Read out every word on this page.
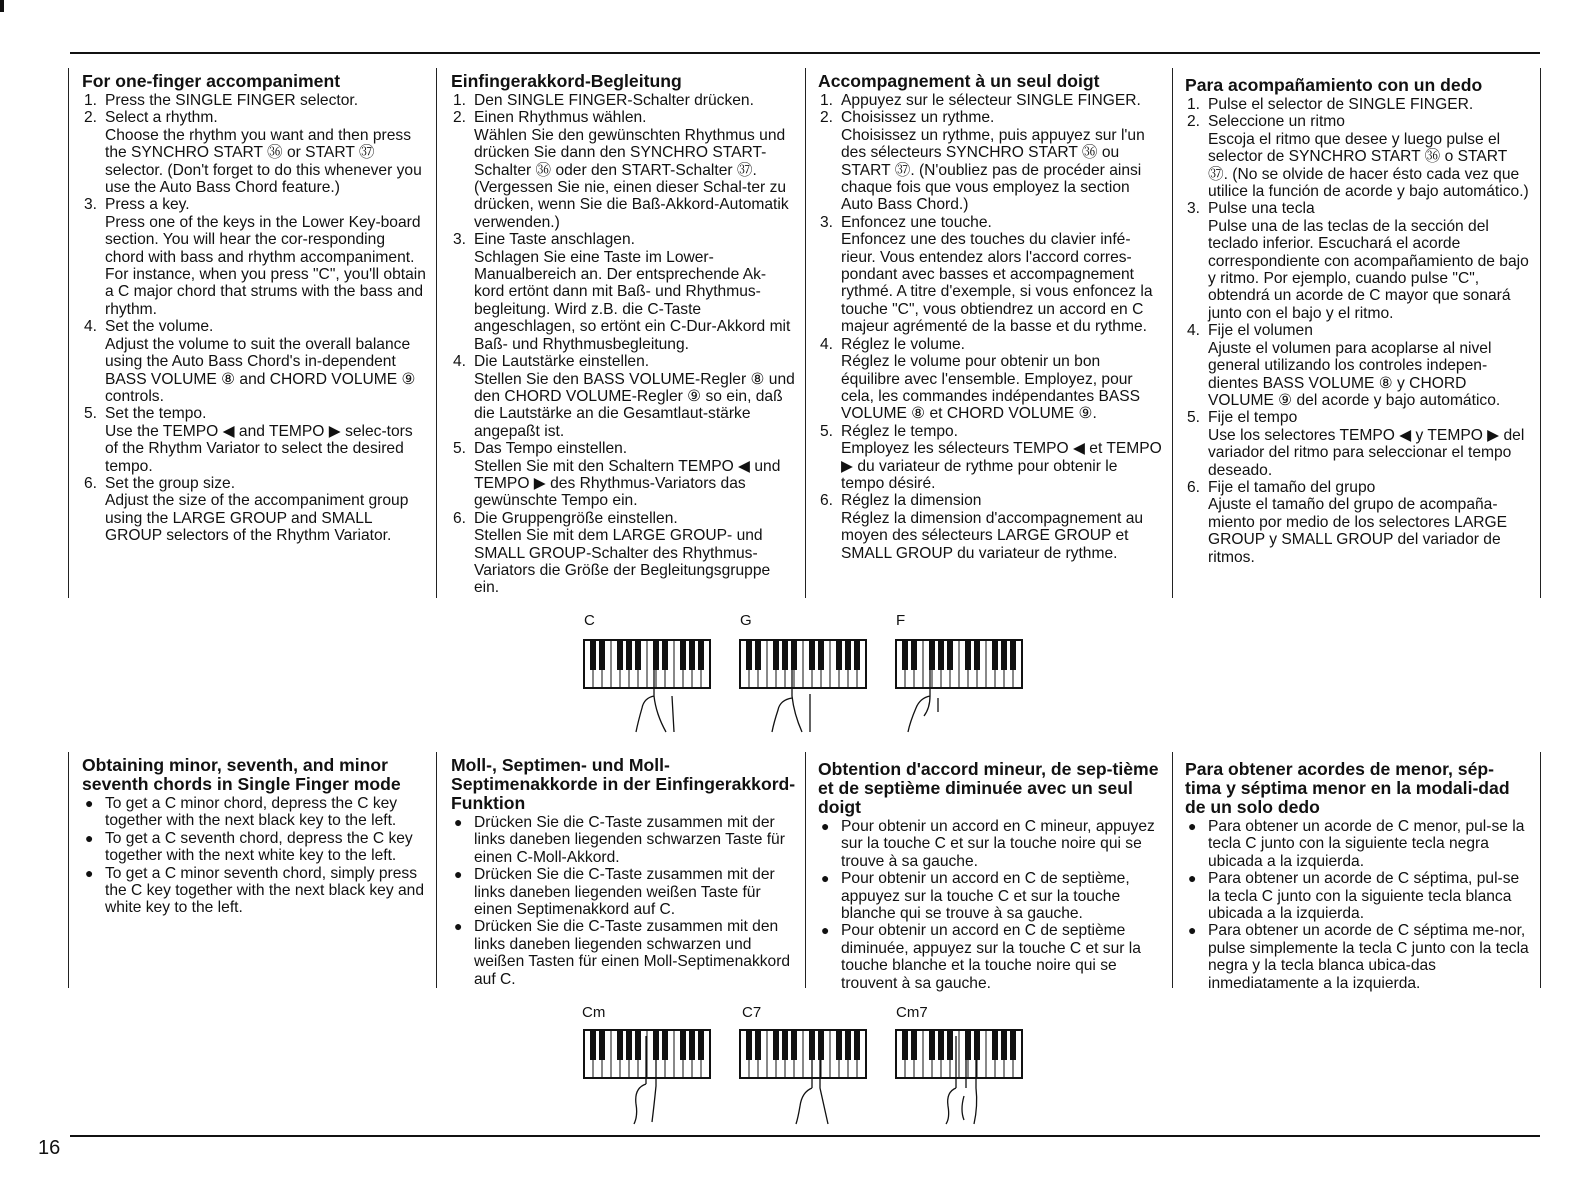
For one-finger accompaniment
1. Press the SINGLE FINGER selector.
2. Select a rhythm.
Choose the rhythm you want and then press the SYNCHRO START ㊱ or START ㊲ selector. (Don't forget to do this whenever you use the Auto Bass Chord feature.)
3. Press a key.
Press one of the keys in the Lower Key-board section. You will hear the cor-responding chord with bass and rhythm accompaniment. For instance, when you press "C", you'll obtain a C major chord that strums with the bass and rhythm.
4. Set the volume.
Adjust the volume to suit the overall balance using the Auto Bass Chord's in-dependent BASS VOLUME ⑧ and CHORD VOLUME ⑨ controls.
5. Set the tempo.
Use the TEMPO ◀ and TEMPO ▶ selec-tors of the Rhythm Variator to select the desired tempo.
6. Set the group size.
Adjust the size of the accompaniment group using the LARGE GROUP and SMALL GROUP selectors of the Rhythm Variator.
Einfingerakkord-Begleitung
1. Den SINGLE FINGER-Schalter drücken.
2. Einen Rhythmus wählen.
Wählen Sie den gewünschten Rhythmus und drücken Sie dann den SYNCHRO START-Schalter ㊱ oder den START-Schalter ㊲. (Vergessen Sie nie, einen dieser Schal-ter zu drücken, wenn Sie die Baß-Akkord-Automatik verwenden.)
3. Eine Taste anschlagen.
Schlagen Sie eine Taste im Lower-Manualbereich an. Der entsprechende Ak-kord ertönt dann mit Baß- und Rhythmus-begleitung. Wird z.B. die C-Taste angeschlagen, so ertönt ein C-Dur-Akkord mit Baß- und Rhythmusbegleitung.
4. Die Lautstärke einstellen.
Stellen Sie den BASS VOLUME-Regler ⑧ und den CHORD VOLUME-Regler ⑨ so ein, daß die Lautstärke an die Gesamtlaut-stärke angepaßt ist.
5. Das Tempo einstellen.
Stellen Sie mit den Schaltern TEMPO ◀ und TEMPO ▶ des Rhythmus-Variators das gewünschte Tempo ein.
6. Die Gruppengröße einstellen.
Stellen Sie mit dem LARGE GROUP- und SMALL GROUP-Schalter des Rhythmus-Variators die Größe der Begleitungsgruppe ein.
Accompagnement à un seul doigt
1. Appuyez sur le sélecteur SINGLE FINGER.
2. Choisissez un rythme.
Choisissez un rythme, puis appuyez sur l'un des sélecteurs SYNCHRO START ㊱ ou START ㊲. (N'oubliez pas de procéder ainsi chaque fois que vous employez la section Auto Bass Chord.)
3. Enfoncez une touche.
Enfoncez une des touches du clavier infé-rieur. Vous entendez alors l'accord corres-pondant avec basses et accompagnement rythmé. A titre d'exemple, si vous enfoncez la touche "C", vous obtiendrez un accord en C majeur agrémenté de la basse et du rythme.
4. Réglez le volume.
Réglez le volume pour obtenir un bon équilibre avec l'ensemble. Employez, pour cela, les commandes indépendantes BASS VOLUME ⑧ et CHORD VOLUME ⑨.
5. Réglez le tempo.
Employez les sélecteurs TEMPO ◀ et TEMPO ▶ du variateur de rythme pour obtenir le tempo désiré.
6. Réglez la dimension
Réglez la dimension d'accompagnement au moyen des sélecteurs LARGE GROUP et SMALL GROUP du variateur de rythme.
Para acompañamiento con un dedo
1. Pulse el selector de SINGLE FINGER.
2. Seleccione un ritmo
Escoja el ritmo que desee y luego pulse el selector de SYNCHRO START ㊱ o START ㊲. (No se olvide de hacer ésto cada vez que utilice la función de acorde y bajo automático.)
3. Pulse una tecla
Pulse una de las teclas de la sección del teclado inferior. Escuchará el acorde correspondiente con acompañamiento de bajo y ritmo. Por ejemplo, cuando pulse "C", obtendrá un acorde de C mayor que sonará junto con el bajo y el ritmo.
4. Fije el volumen
Ajuste el volumen para acoplarse al nivel general utilizando los controles indepen-dientes BASS VOLUME ⑧ y CHORD VOLUME ⑨ del acorde y bajo automático.
5. Fije el tempo
Use los selectores TEMPO ◀ y TEMPO ▶ del variador del ritmo para seleccionar el tempo deseado.
6. Fije el tamaño del grupo
Ajuste el tamaño del grupo de acompaña-miento por medio de los selectores LARGE GROUP y SMALL GROUP del variador de ritmos.
C	G	F
Obtaining minor, seventh, and minor seventh chords in Single Finger mode
● To get a C minor chord, depress the C key together with the next black key to the left.
● To get a C seventh chord, depress the C key together with the next white key to the left.
● To get a C minor seventh chord, simply press the C key together with the next black key and white key to the left.
Moll-, Septimen- und Moll-Septimenakkorde in der Einfingerakkord-Funktion
● Drücken Sie die C-Taste zusammen mit der links daneben liegenden schwarzen Taste für einen C-Moll-Akkord.
● Drücken Sie die C-Taste zusammen mit der links daneben liegenden weißen Taste für einen Septimenakkord auf C.
● Drücken Sie die C-Taste zusammen mit den links daneben liegenden schwarzen und weißen Tasten für einen Moll-Septimenakkord auf C.
Obtention d'accord mineur, de sep-tième et de septième diminuée avec un seul doigt
● Pour obtenir un accord en C mineur, appuyez sur la touche C et sur la touche noire qui se trouve à sa gauche.
● Pour obtenir un accord en C de septième, appuyez sur la touche C et sur la touche blanche qui se trouve à sa gauche.
● Pour obtenir un accord en C de septième diminuée, appuyez sur la touche C et sur la touche blanche et la touche noire qui se trouvent à sa gauche.
Para obtener acordes de menor, sép-tima y séptima menor en la modali-dad de un solo dedo
● Para obtener un acorde de C menor, pul-se la tecla C junto con la siguiente tecla negra ubicada a la izquierda.
● Para obtener un acorde de C séptima, pul-se la tecla C junto con la siguiente tecla blanca ubicada a la izquierda.
● Para obtener un acorde de C séptima me-nor, pulse simplemente la tecla C junto con la tecla negra y la tecla blanca ubica-das inmediatamente a la izquierda.
Cm	C7	Cm7
16
